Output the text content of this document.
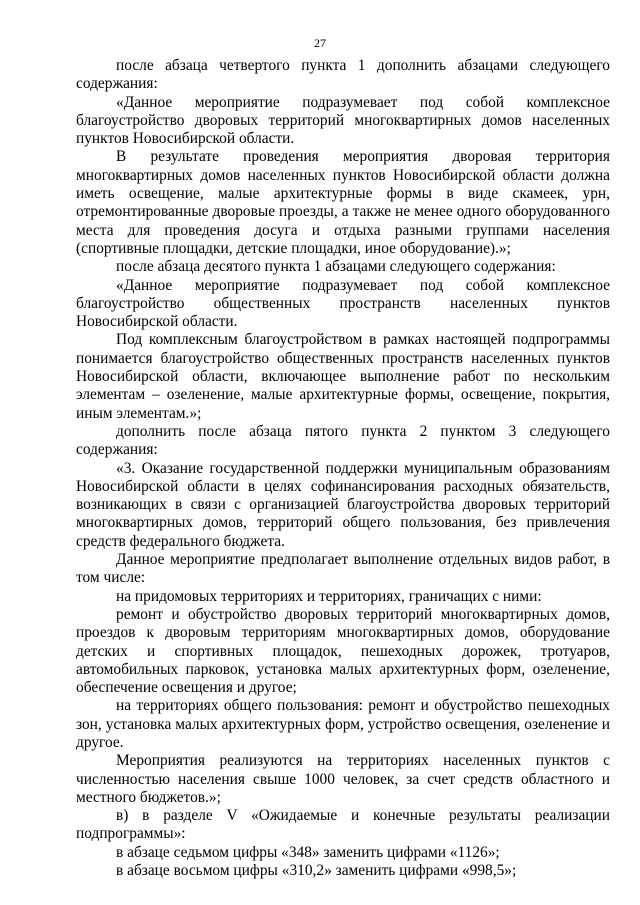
27

после абзаца четвертого пункта 1 дополнить абзацами следующего содержания:

«Данное мероприятие подразумевает под собой комплексное благоустройство дворовых территорий многоквартирных домов населенных пунктов Новосибирской области.

В результате проведения мероприятия дворовая территория многоквартирных домов населенных пунктов Новосибирской области должна иметь освещение, малые архитектурные формы в виде скамеек, урн, отремонтированные дворовые проезды, а также не менее одного оборудованного места для проведения досуга и отдыха разными группами населения (спортивные площадки, детские площадки, иное оборудование).»;

после абзаца десятого пункта 1 абзацами следующего содержания:

«Данное мероприятие подразумевает под собой комплексное благоустройство общественных пространств населенных пунктов Новосибирской области.

Под комплексным благоустройством в рамках настоящей подпрограммы понимается благоустройство общественных пространств населенных пунктов Новосибирской области, включающее выполнение работ по нескольким элементам – озеленение, малые архитектурные формы, освещение, покрытия, иным элементам.»;

дополнить после абзаца пятого пункта 2 пунктом 3 следующего содержания:

«3. Оказание государственной поддержки муниципальным образованиям Новосибирской области в целях софинансирования расходных обязательств, возникающих в связи с организацией благоустройства дворовых территорий многоквартирных домов, территорий общего пользования, без привлечения средств федерального бюджета.

Данное мероприятие предполагает выполнение отдельных видов работ, в том числе:

на придомовых территориях и территориях, граничащих с ними:

ремонт и обустройство дворовых территорий многоквартирных домов, проездов к дворовым территориям многоквартирных домов, оборудование детских и спортивных площадок, пешеходных дорожек, тротуаров, автомобильных парковок, установка малых архитектурных форм, озеленение, обеспечение освещения и другое;

на территориях общего пользования: ремонт и обустройство пешеходных зон, установка малых архитектурных форм, устройство освещения, озеленение и другое.

Мероприятия реализуются на территориях населенных пунктов с численностью населения свыше 1000 человек, за счет средств областного и местного бюджетов.»;

в) в разделе V «Ожидаемые и конечные результаты реализации подпрограммы»:

в абзаце седьмом цифры «348» заменить цифрами «1126»;

в абзаце восьмом цифры «310,2» заменить цифрами «998,5»;
